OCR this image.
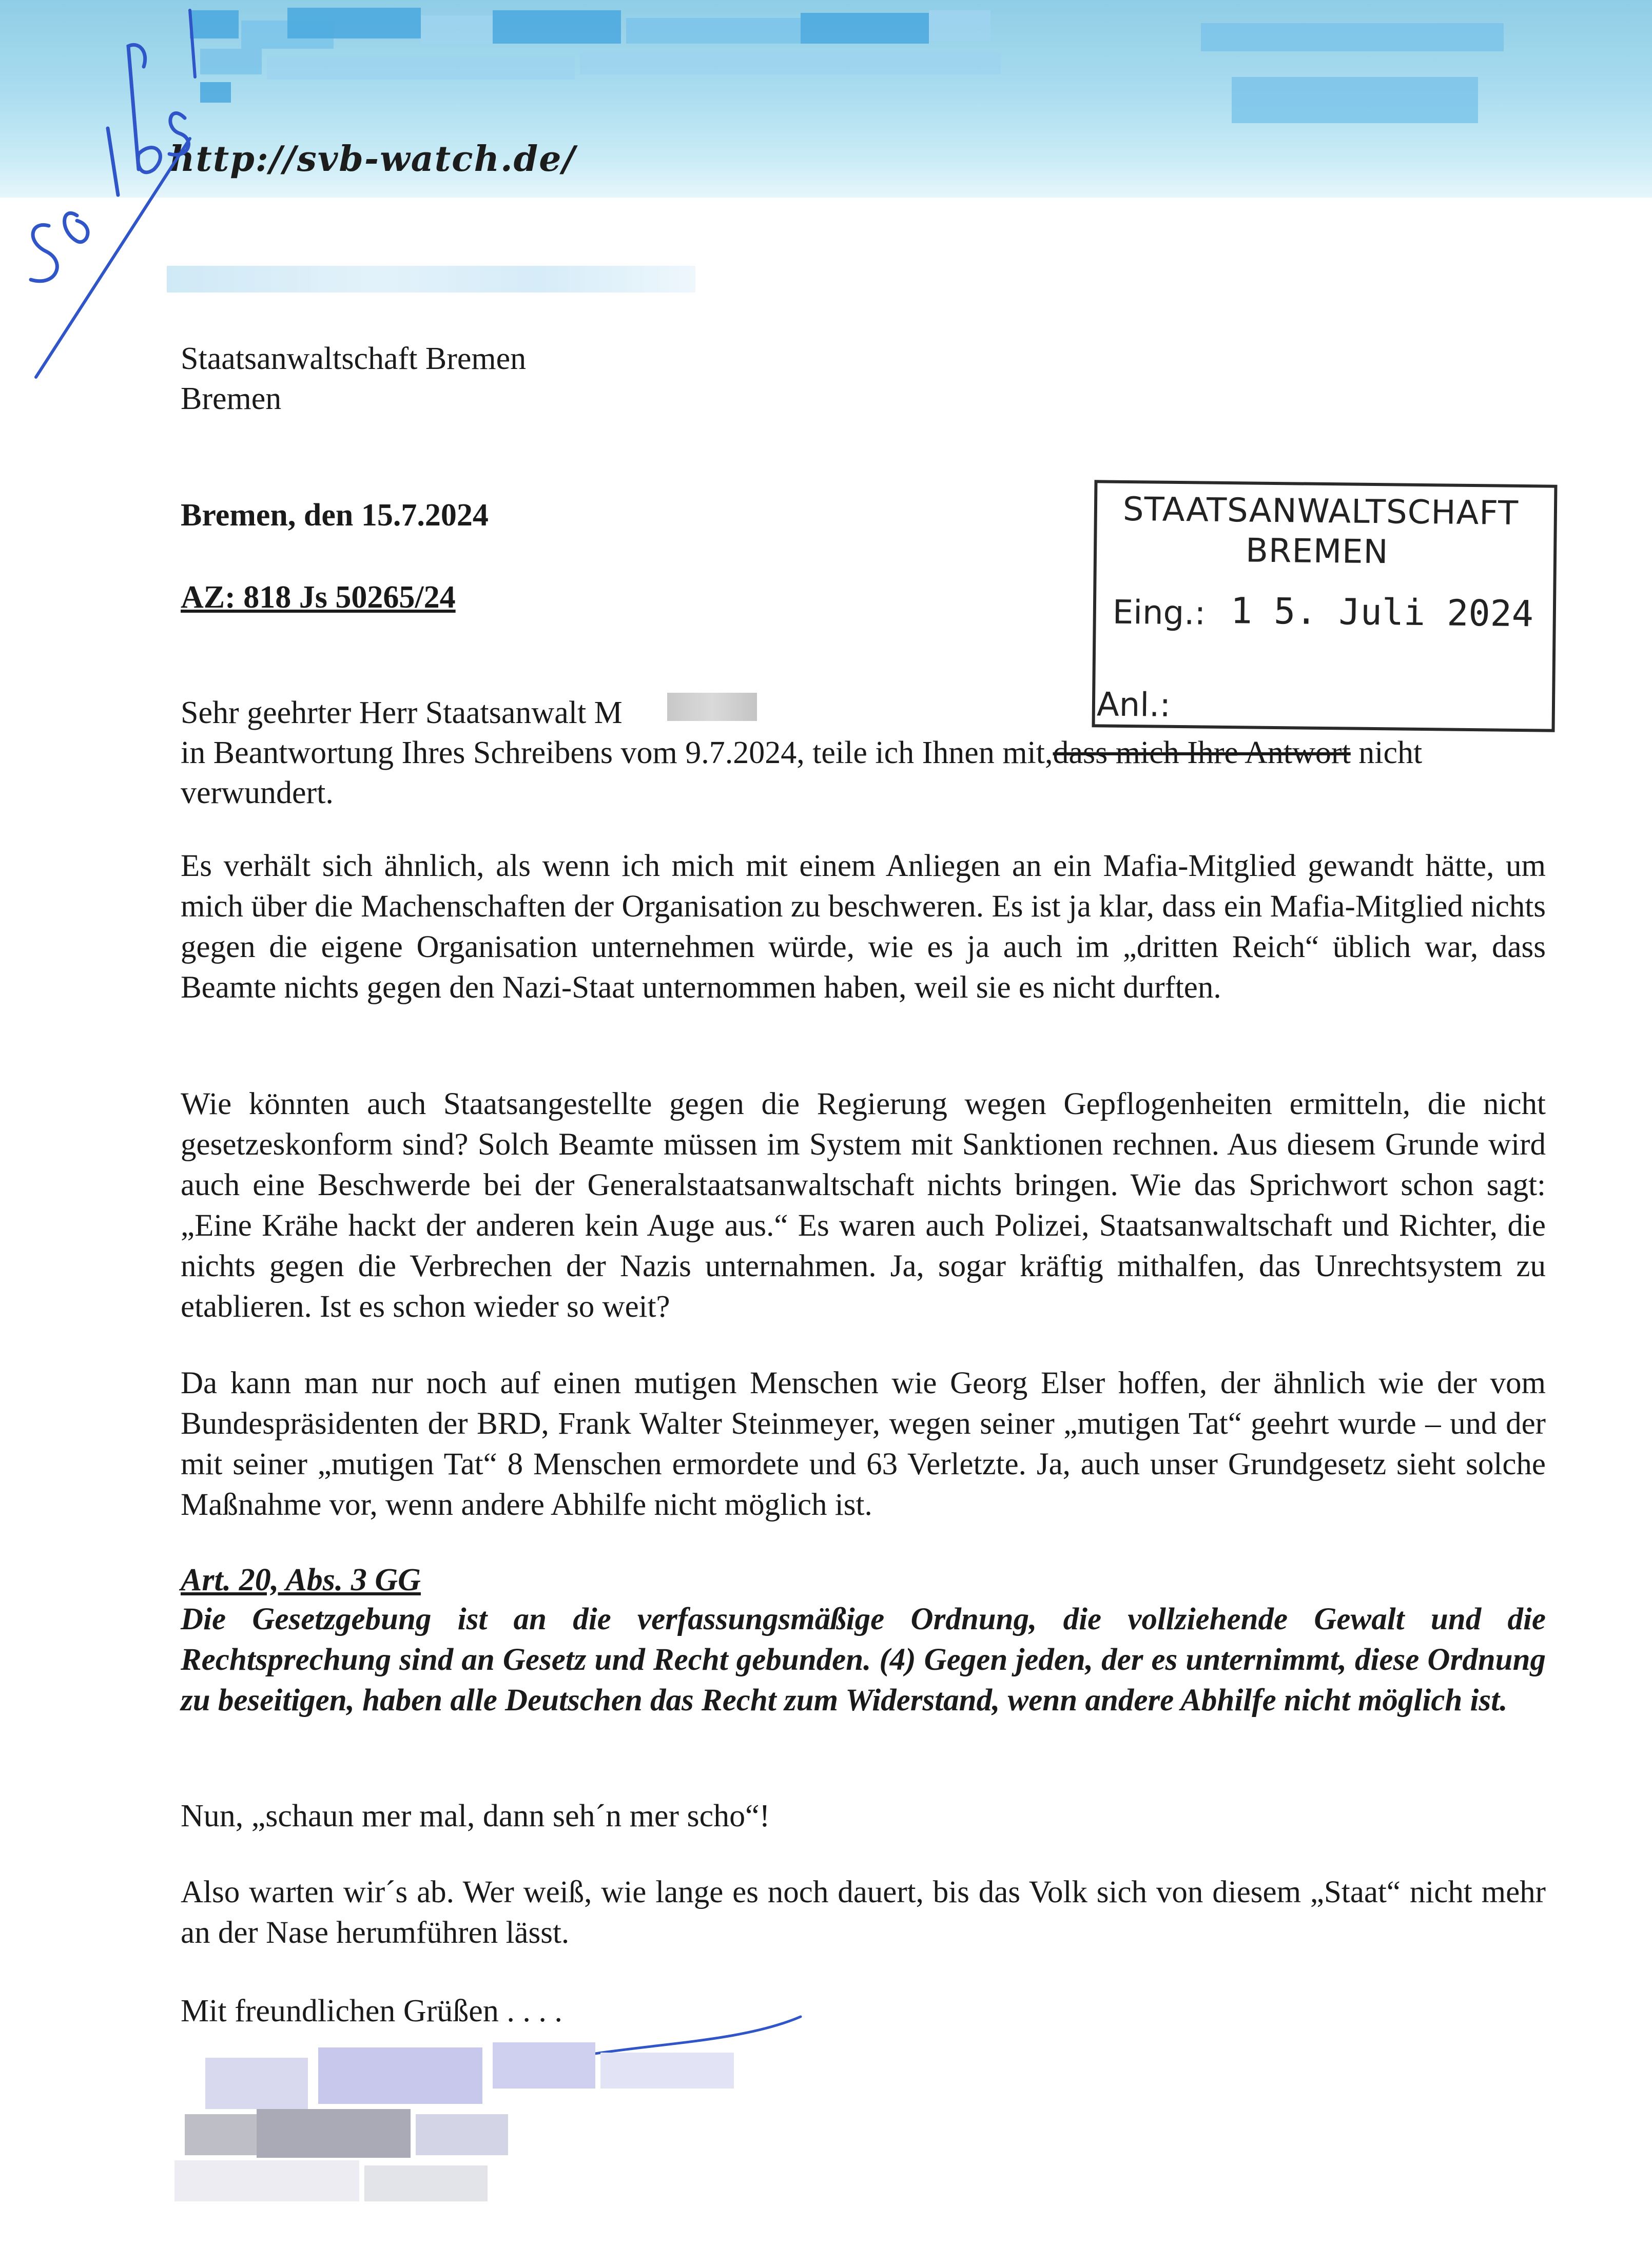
http://svb-watch.de/
Staatsanwaltschaft Bremen
Bremen
Bremen, den 15.7.2024
AZ: 818 Js 50265/24
STAATSANWALTSCHAFT
BREMEN
Eing.: 1 5. Juli 2024
Anl.:
Sehr geehrter Herr Staatsanwalt M
in Beantwortung Ihres Schreibens vom 9.7.2024, teile ich Ihnen mit,dass mich Ihre Antwort nicht
verwundert.
Es verhält sich ähnlich, als wenn ich mich mit einem Anliegen an ein Mafia-Mitglied gewandt hätte, um mich über die Machenschaften der Organisation zu beschweren. Es ist ja klar, dass ein Mafia-Mitglied nichts gegen die eigene Organisation unternehmen würde, wie es ja auch im „dritten Reich“ üblich war, dass Beamte nichts gegen den Nazi-Staat unternommen haben, weil sie es nicht durften.
Wie könnten auch Staatsangestellte gegen die Regierung wegen Gepflogenheiten ermitteln, die nicht gesetzeskonform sind? Solch Beamte müssen im System mit Sanktionen rechnen. Aus diesem Grunde wird auch eine Beschwerde bei der Generalstaatsanwaltschaft nichts bringen. Wie das Sprichwort schon sagt: „Eine Krähe hackt der anderen kein Auge aus.“ Es waren auch Polizei, Staatsanwaltschaft und Richter, die nichts gegen die Verbrechen der Nazis unternahmen. Ja, sogar kräftig mithalfen, das Unrechtsystem zu etablieren. Ist es schon wieder so weit?
Da kann man nur noch auf einen mutigen Menschen wie Georg Elser hoffen, der ähnlich wie der vom Bundespräsidenten der BRD, Frank Walter Steinmeyer, wegen seiner „mutigen Tat“ geehrt wurde – und der mit seiner „mutigen Tat“ 8 Menschen ermordete und 63 Verletzte. Ja, auch unser Grundgesetz sieht solche Maßnahme vor, wenn andere Abhilfe nicht möglich ist.
Art. 20, Abs. 3 GG
Die Gesetzgebung ist an die verfassungsmäßige Ordnung, die vollziehende Gewalt und die Rechtsprechung sind an Gesetz und Recht gebunden. (4) Gegen jeden, der es unternimmt, diese Ordnung zu beseitigen, haben alle Deutschen das Recht zum Widerstand, wenn andere Abhilfe nicht möglich ist.
Nun, „schaun mer mal, dann seh´n mer scho“!
Also warten wir´s ab. Wer weiß, wie lange es noch dauert, bis das Volk sich von diesem „Staat“ nicht mehr an der Nase herumführen lässt.
Mit freundlichen Grüßen . . . .
